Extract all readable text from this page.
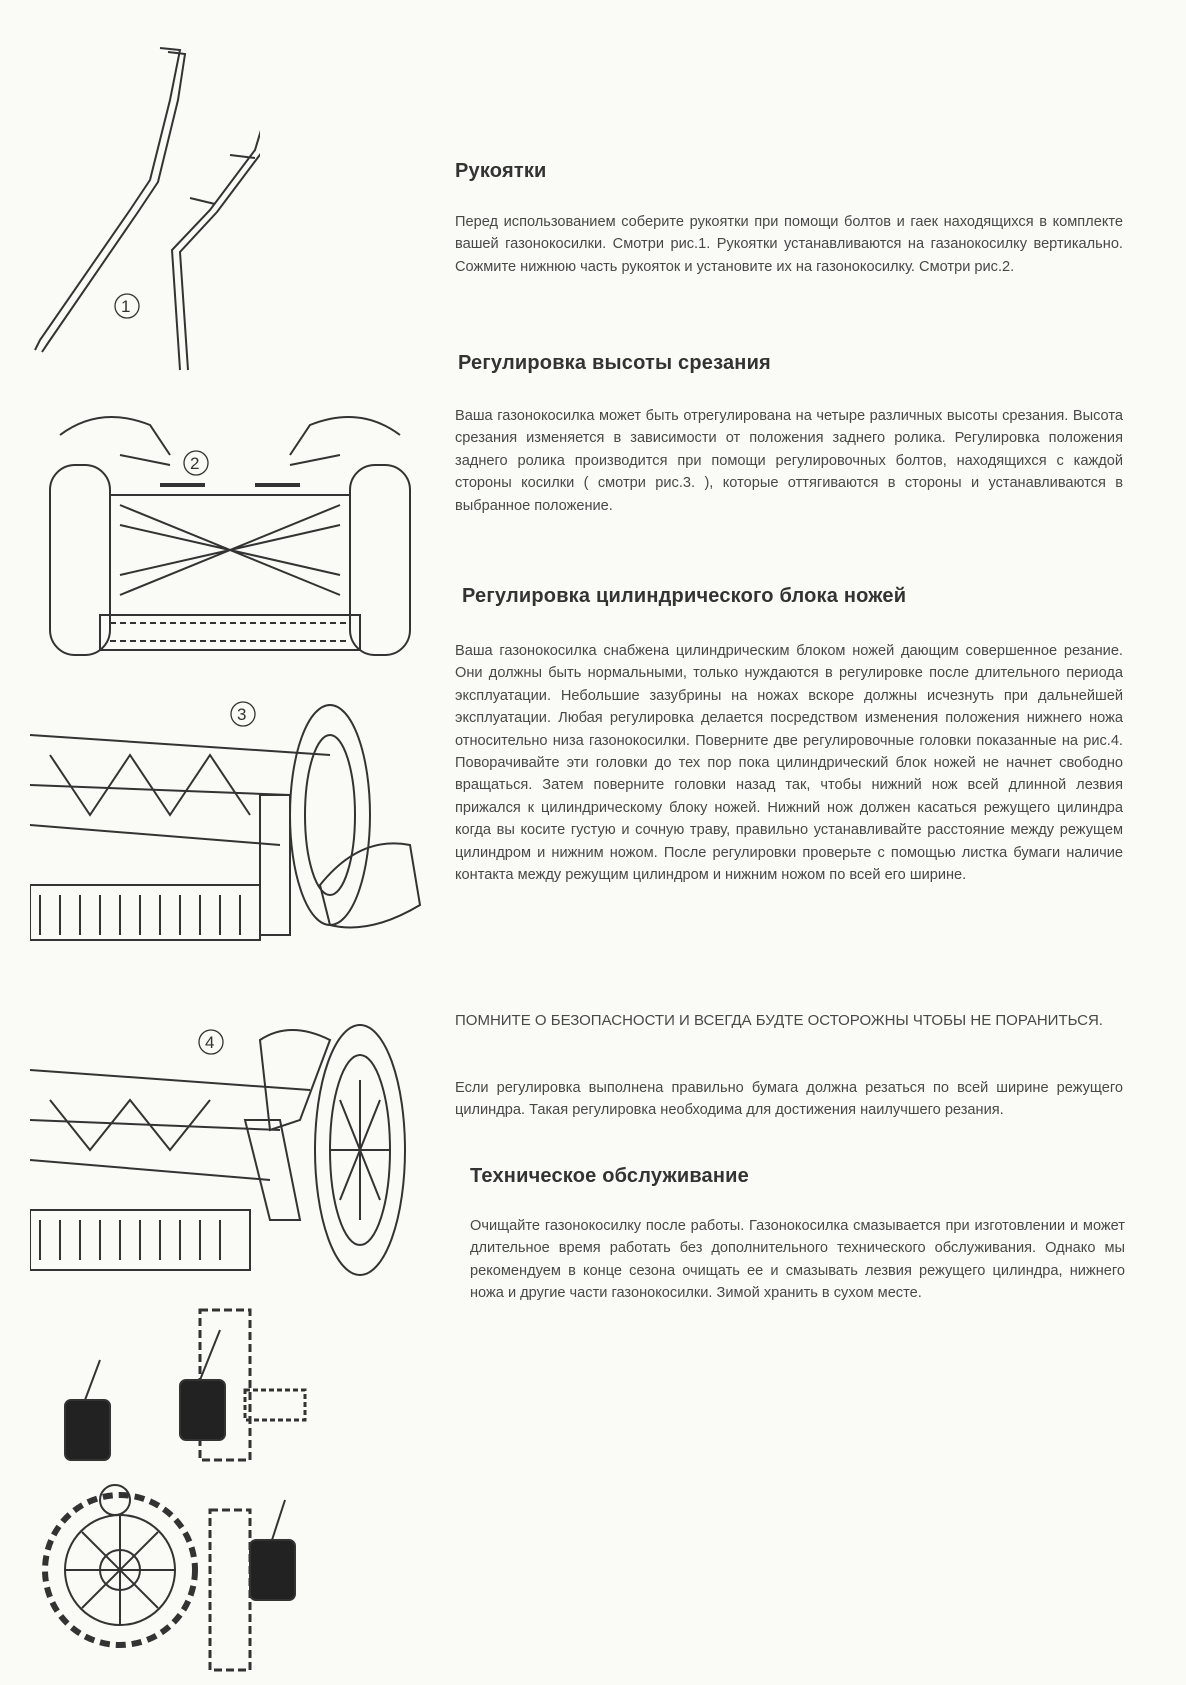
1
2
3
4
Рукоятки

Перед использованием соберите рукоятки при помощи болтов и гаек находящихся в комплекте вашей газонокосилки. Смотри рис.1. Рукоятки устанавливаются на газанокосилку вертикально. Сожмите нижнюю часть рукояток и установите их на газонокосилку. Смотри рис.2.

Регулировка высоты срезания

Ваша газонокосилка может быть отрегулирована на четыре различных высоты срезания. Высота срезания изменяется в зависимости от положения заднего ролика. Регулировка положения заднего ролика производится при помощи регулировочных болтов, находящихся с каждой стороны косилки ( смотри рис.3. ), которые оттягиваются в стороны и устанавливаются в выбранное положение.

Регулировка цилиндрического блока ножей

Ваша газонокосилка снабжена цилиндрическим блоком ножей дающим совершенное резание. Они должны быть нормальными, только нуждаются в регулировке после длительного периода эксплуатации. Небольшие зазубрины на ножах вскоре должны исчезнуть при дальнейшей эксплуатации. Любая регулировка делается посредством изменения положения нижнего ножа относительно низа газонокосилки. Поверните две регулировочные головки показанные на рис.4. Поворачивайте эти головки до тех пор пока цилиндрический блок ножей не начнет свободно вращаться. Затем поверните головки назад так, чтобы нижний нож всей длинной лезвия прижался к цилиндрическому блоку ножей. Нижний нож должен касаться режущего цилиндра когда вы косите густую и сочную траву, правильно устанавливайте расстояние между режущем цилиндром и нижним ножом. После регулировки проверьте с помощью листка бумаги наличие контакта между режущим цилиндром и нижним ножом по всей его ширине.

ПОМНИТЕ О БЕЗОПАСНОСТИ И ВСЕГДА БУДТЕ ОСТОРОЖНЫ ЧТОБЫ НЕ ПОРАНИТЬСЯ.

Если регулировка выполнена правильно бумага должна резаться по всей ширине режущего цилиндра. Такая регулировка необходима для достижения наилучшего резания.

Техническое обслуживание

Очищайте газонокосилку после работы. Газонокосилка смазывается при изготовлении и может длительное время работать без дополнительного технического обслуживания. Однако мы рекомендуем в конце сезона очищать ее и смазывать лезвия режущего цилиндра, нижнего ножа и другие части газонокосилки. Зимой хранить в сухом месте.
